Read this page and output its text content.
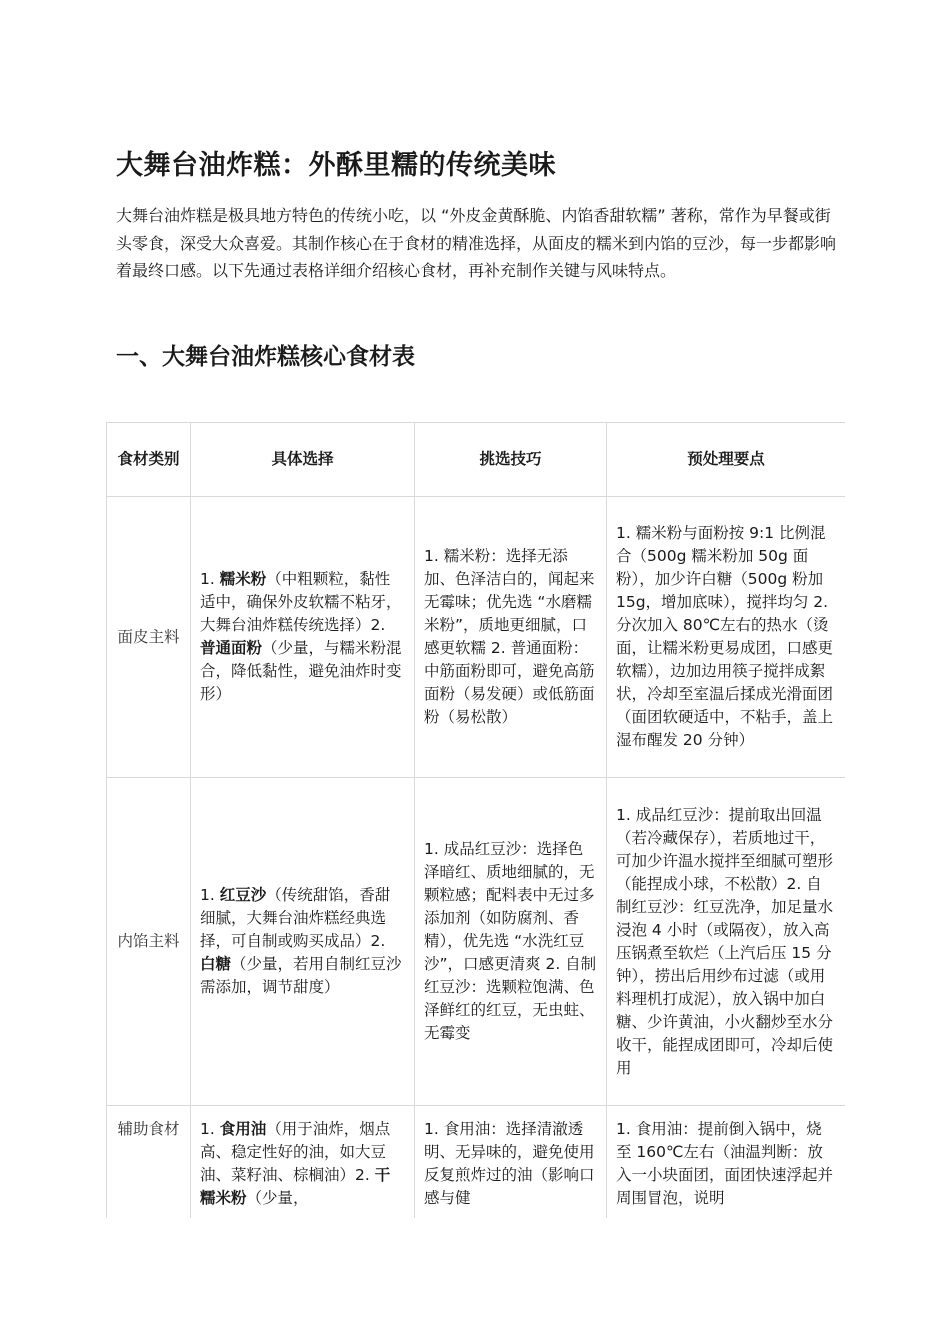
大舞台油炸糕：外酥里糯的传统美味

大舞台油炸糕是极具地方特色的传统小吃，以 “外皮金黄酥脆、内馅香甜软糯” 著称，常作为早餐或街头零食，深受大众喜爱。其制作核心在于食材的精准选择，从面皮的糯米到内馅的豆沙，每一步都影响着最终口感。以下先通过表格详细介绍核心食材，再补充制作关键与风味特点。

一、大舞台油炸糕核心食材表
食材类别	具体选择	挑选技巧	预处理要点
面皮主料	1. 糯米粉（中粗颗粒，黏性适中，确保外皮软糯不粘牙，大舞台油炸糕传统选择）2. 普通面粉（少量，与糯米粉混合，降低黏性，避免油炸时变形）	1. 糯米粉：选择无添加、色泽洁白的，闻起来无霉味；优先选 “水磨糯米粉”，质地更细腻，口感更软糯 2. 普通面粉：中筋面粉即可，避免高筋面粉（易发硬）或低筋面粉（易松散）	1. 糯米粉与面粉按 9:1 比例混合（500g 糯米粉加 50g 面粉），加少许白糖（500g 粉加 15g，增加底味），搅拌均匀 2. 分次加入 80℃左右的热水（烫面，让糯米粉更易成团，口感更软糯），边加边用筷子搅拌成絮状，冷却至室温后揉成光滑面团（面团软硬适中，不粘手，盖上湿布醒发 20 分钟）
内馅主料	1. 红豆沙（传统甜馅，香甜细腻，大舞台油炸糕经典选择，可自制或购买成品）2. 白糖（少量，若用自制红豆沙需添加，调节甜度）	1. 成品红豆沙：选择色泽暗红、质地细腻的，无颗粒感；配料表中无过多添加剂（如防腐剂、香精），优先选 “水洗红豆沙”，口感更清爽 2. 自制红豆沙：选颗粒饱满、色泽鲜红的红豆，无虫蛀、无霉变	1. 成品红豆沙：提前取出回温（若冷藏保存），若质地过干，可加少许温水搅拌至细腻可塑形（能捏成小球，不松散）2. 自制红豆沙：红豆洗净，加足量水浸泡 4 小时（或隔夜），放入高压锅煮至软烂（上汽后压 15 分钟），捞出后用纱布过滤（或用料理机打成泥），放入锅中加白糖、少许黄油，小火翻炒至水分收干，能捏成团即可，冷却后使用
辅助食材	1. 食用油（用于油炸，烟点高、稳定性好的油，如大豆油、菜籽油、棕榈油）2. 干糯米粉（少量，	1. 食用油：选择清澈透明、无异味的，避免使用反复煎炸过的油（影响口感与健	1. 食用油：提前倒入锅中，烧至 160℃左右（油温判断：放入一小块面团，面团快速浮起并周围冒泡，说明
